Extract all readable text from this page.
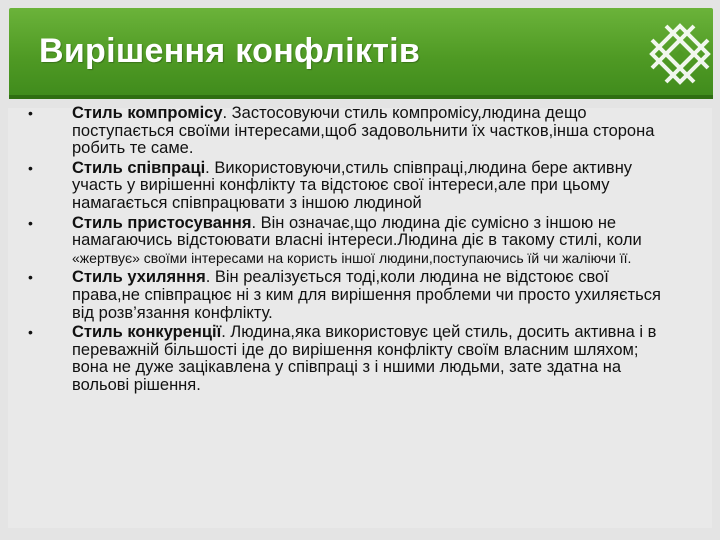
Вирішення конфліктів
• Стиль компромісу. Застосовуючи стиль компромісу,людина дещо поступається своїми інтересами,щоб задовольнити їх частков,інша сторона робить те саме.
• Стиль співпраці. Використовуючи,стиль співпраці,людина бере активну участь у вирішенні конфлікту та відстоює свої інтереси,але при цьому намагається співпрацювати з іншою людиной
• Стиль пристосування. Він означає,що людина діє сумісно з іншою не намагаючись відстоювати власні інтереси.Людина діє в такому стилі, коли «жертвує» своїми інтересами на користь іншої людини,поступаючись їй чи жаліючи її.
• Стиль ухиляння. Він реалізується тоді,коли людина не відстоює свої права,не співпрацює ні з ким для вирішення проблеми чи просто ухиляється від розв’язання конфлікту.
• Стиль конкуренції. Людина,яка використовує цей стиль, досить активна і в переважній більшості іде до вирішення конфлікту своїм власним шляхом; вона не дуже зацікавлена у співпраці з і ншими людьми, зате здатна на вольові рішення.
